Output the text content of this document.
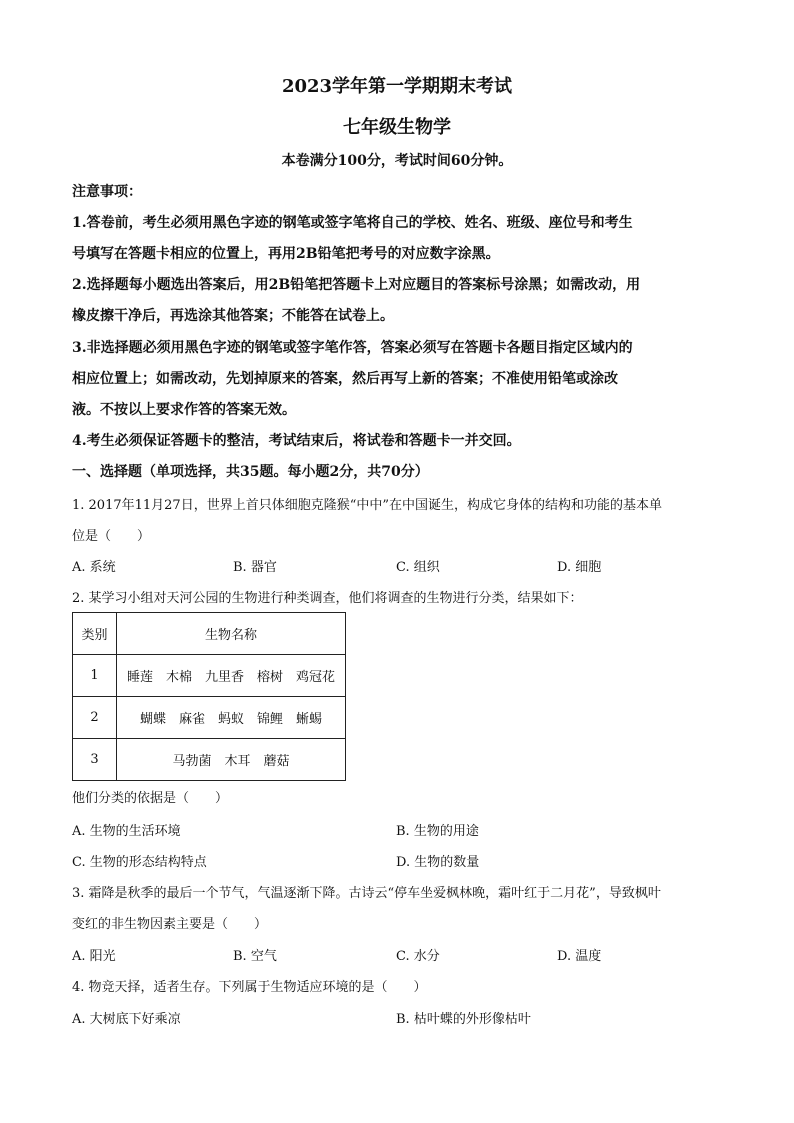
2023学年第一学期期末考试
七年级生物学
本卷满分100分，考试时间60分钟。
注意事项：
1.答卷前，考生必须用黑色字迹的钢笔或签字笔将自己的学校、姓名、班级、座位号和考生
号填写在答题卡相应的位置上，再用2B铅笔把考号的对应数字涂黑。
2.选择题每小题选出答案后，用2B铅笔把答题卡上对应题目的答案标号涂黑；如需改动，用
橡皮擦干净后，再选涂其他答案；不能答在试卷上。
3.非选择题必须用黑色字迹的钢笔或签字笔作答，答案必须写在答题卡各题目指定区域内的
相应位置上；如需改动，先划掉原来的答案，然后再写上新的答案；不准使用铅笔或涂改
液。不按以上要求作答的答案无效。
4.考生必须保证答题卡的整洁，考试结束后，将试卷和答题卡一并交回。
一、选择题（单项选择，共35题。每小题2分，共70分）
1. 2017年11月27日，世界上首只体细胞克隆猴“中中”在中国诞生，构成它身体的结构和功能的基本单
位是（　　）
A. 系统	B. 器官	C. 组织	D. 细胞
2. 某学习小组对天河公园的生物进行种类调查，他们将调查的生物进行分类，结果如下：
类别	生物名称
1	睡莲　木棉　九里香　榕树　鸡冠花
2	蝴蝶　麻雀　蚂蚁　锦鲤　蜥蜴
3	马勃菌　木耳　蘑菇
他们分类的依据是（　　）
A. 生物的生活环境	B. 生物的用途
C. 生物的形态结构特点	D. 生物的数量
3. 霜降是秋季的最后一个节气，气温逐渐下降。古诗云“停车坐爱枫林晚，霜叶红于二月花”，导致枫叶
变红的非生物因素主要是（　　）
A. 阳光	B. 空气	C. 水分	D. 温度
4. 物竞天择，适者生存。下列属于生物适应环境的是（　　）
A. 大树底下好乘凉	B. 枯叶蝶的外形像枯叶
